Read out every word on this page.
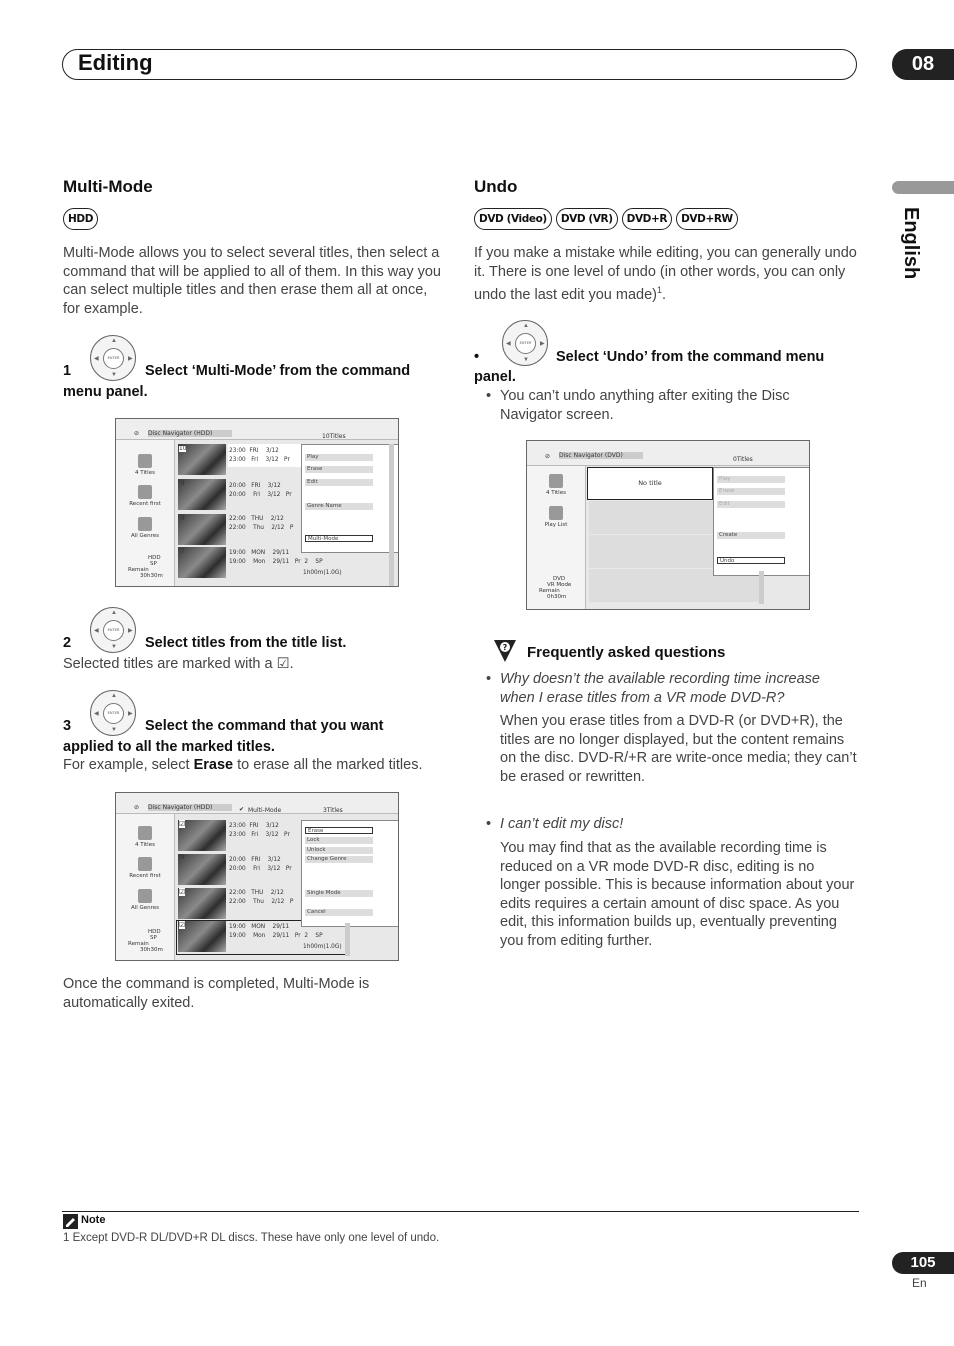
Editing	08
English
Multi-Mode
HDD
Multi-Mode allows you to select several titles, then select a command that will be applied to all of them. In this way you can select multiple titles and then erase them all at once, for example.
1
▲
▼
◀	▶
ENTER
Select ‘Multi-Mode’ from the command
menu panel.
⊘ Disc Navigator (HDD)	10Titles
4 Titles
Recent first
All Genres
HDD
SP
Remain
30h30m
10
9
8
7
23:00  FRI    3/12
23:00   Fri    3/12   Pr
20:00   FRI    3/12
20:00    Fri    3/12   Pr
22:00   THU    2/12
22:00    Thu    2/12   P
19:00   MON    29/11
19:00    Mon    29/11   Pr  2    SP
1h00m(1.0G)
Play
Erase
Edit
Genre Name
Multi-Mode
2
▲
▼
◀	▶
ENTER
Select titles from the title list.
Selected titles are marked with a ☑.
3
▲
▼
◀	▶
ENTER
Select the command that you want
applied to all the marked titles.
For example, select Erase to erase all the marked titles.
⊘ Disc Navigator (HDD)	✔ Multi-Mode	3Titles
4 Titles
Recent first
All Genres
HDD
SP
Remain
30h30m
☑
9
☑
☑
23:00  FRI    3/12
23:00   Fri    3/12   Pr
20:00   FRI    3/12
20:00    Fri    3/12   Pr
22:00   THU    2/12
22:00    Thu    2/12   P
19:00   MON    29/11
19:00    Mon    29/11   Pr  2    SP
1h00m(1.0G)
Erase
Lock
Unlock
Change Genre
Single Mode
Cancel
Once the command is completed, Multi-Mode is automatically exited.
Undo
DVD (Video) DVD (VR) DVD+R DVD+RW
If you make a mistake while editing, you can generally undo it. There is one level of undo (in other words, you can only undo the last edit you made)$^1$.
•
▲
▼
◀	▶
ENTER
Select ‘Undo’ from the command menu
panel.
• You can’t undo anything after exiting the Disc Navigator screen.
⊘ Disc Navigator (DVD)
0Titles
4 Titles
Play List
DVD
VR Mode
Remain
0h30m
No title	Play
Erase
Edit
Create
Undo
? Frequently asked questions
• Why doesn’t the available recording time increase when I erase titles from a VR mode DVD-R?
When you erase titles from a DVD-R (or DVD+R), the titles are no longer displayed, but the content remains on the disc. DVD-R/+R are write-once media; they can’t be erased or rewritten.
• I can’t edit my disc!
You may find that as the available recording time is reduced on a VR mode DVD-R disc, editing is no longer possible. This is because information about your edits requires a certain amount of disc space. As you edit, this information builds up, eventually preventing you from editing further.
Note
1 Except DVD-R DL/DVD+R DL discs. These have only one level of undo.
105
En
